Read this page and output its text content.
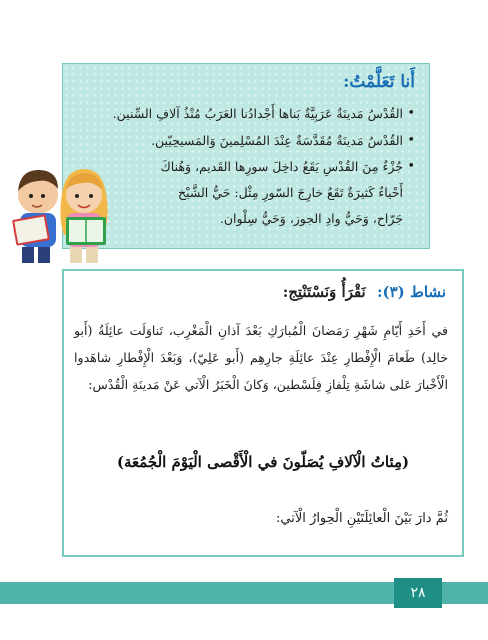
أَنا تَعَلَّمْتُ:
• القُدْسُ مَدينَةٌ عَرَبِيَّةٌ بَناها أَجْدادُنا العَرَبُ مُنْذُ آلافِ السِّنين.
• القُدْسُ مَدينَةٌ مُقَدَّسَةٌ عِنْدَ المُسْلِمينَ وَالمَسيحِيّين.
• جُزْءٌ مِنَ القُدْسِ يَقَعُ داخِلَ سورِها القَديم، وَهُناكَ أَحْياءٌ كَثيرَةٌ تَقَعُ خارِجَ السّورِ مِثْل: حَيُّ الشَّيْخ جَرّاح، وَحَيُّ وادِ الجوز، وَحَيُّ سِلْوان.
نشاط (٣): نَقْرَأُ وَنَسْتَنْتِج:

في أَحَدِ أَيّامِ شَهْرِ رَمَضانَ الْمُبارَكِ بَعْدَ آذانِ الْمَغْرِب، تَناوَلَت عائِلَةُ (أَبو خالِد) طَعامَ الْإِفْطارِ عِنْدَ عائِلَةِ جارِهِم (أَبو عَلِيّ)، وَبَعْدَ الْإِفْطارِ شاهَدوا الْأَخْبارَ عَلى شاشَةِ تِلْفازِ فِلَسْطين، وَكانَ الْخَبَرُ الْآتي عَنْ مَدينَةِ الْقُدْس:

(مِئاتُ الْآلافِ يُصَلّونَ في الْأَقْصى الْيَوْمَ الْجُمُعَة)
ثُمَّ دارَ بَيْنَ الْعائِلَتَيْنِ الْحِوارُ الْآتي:
٢٨
